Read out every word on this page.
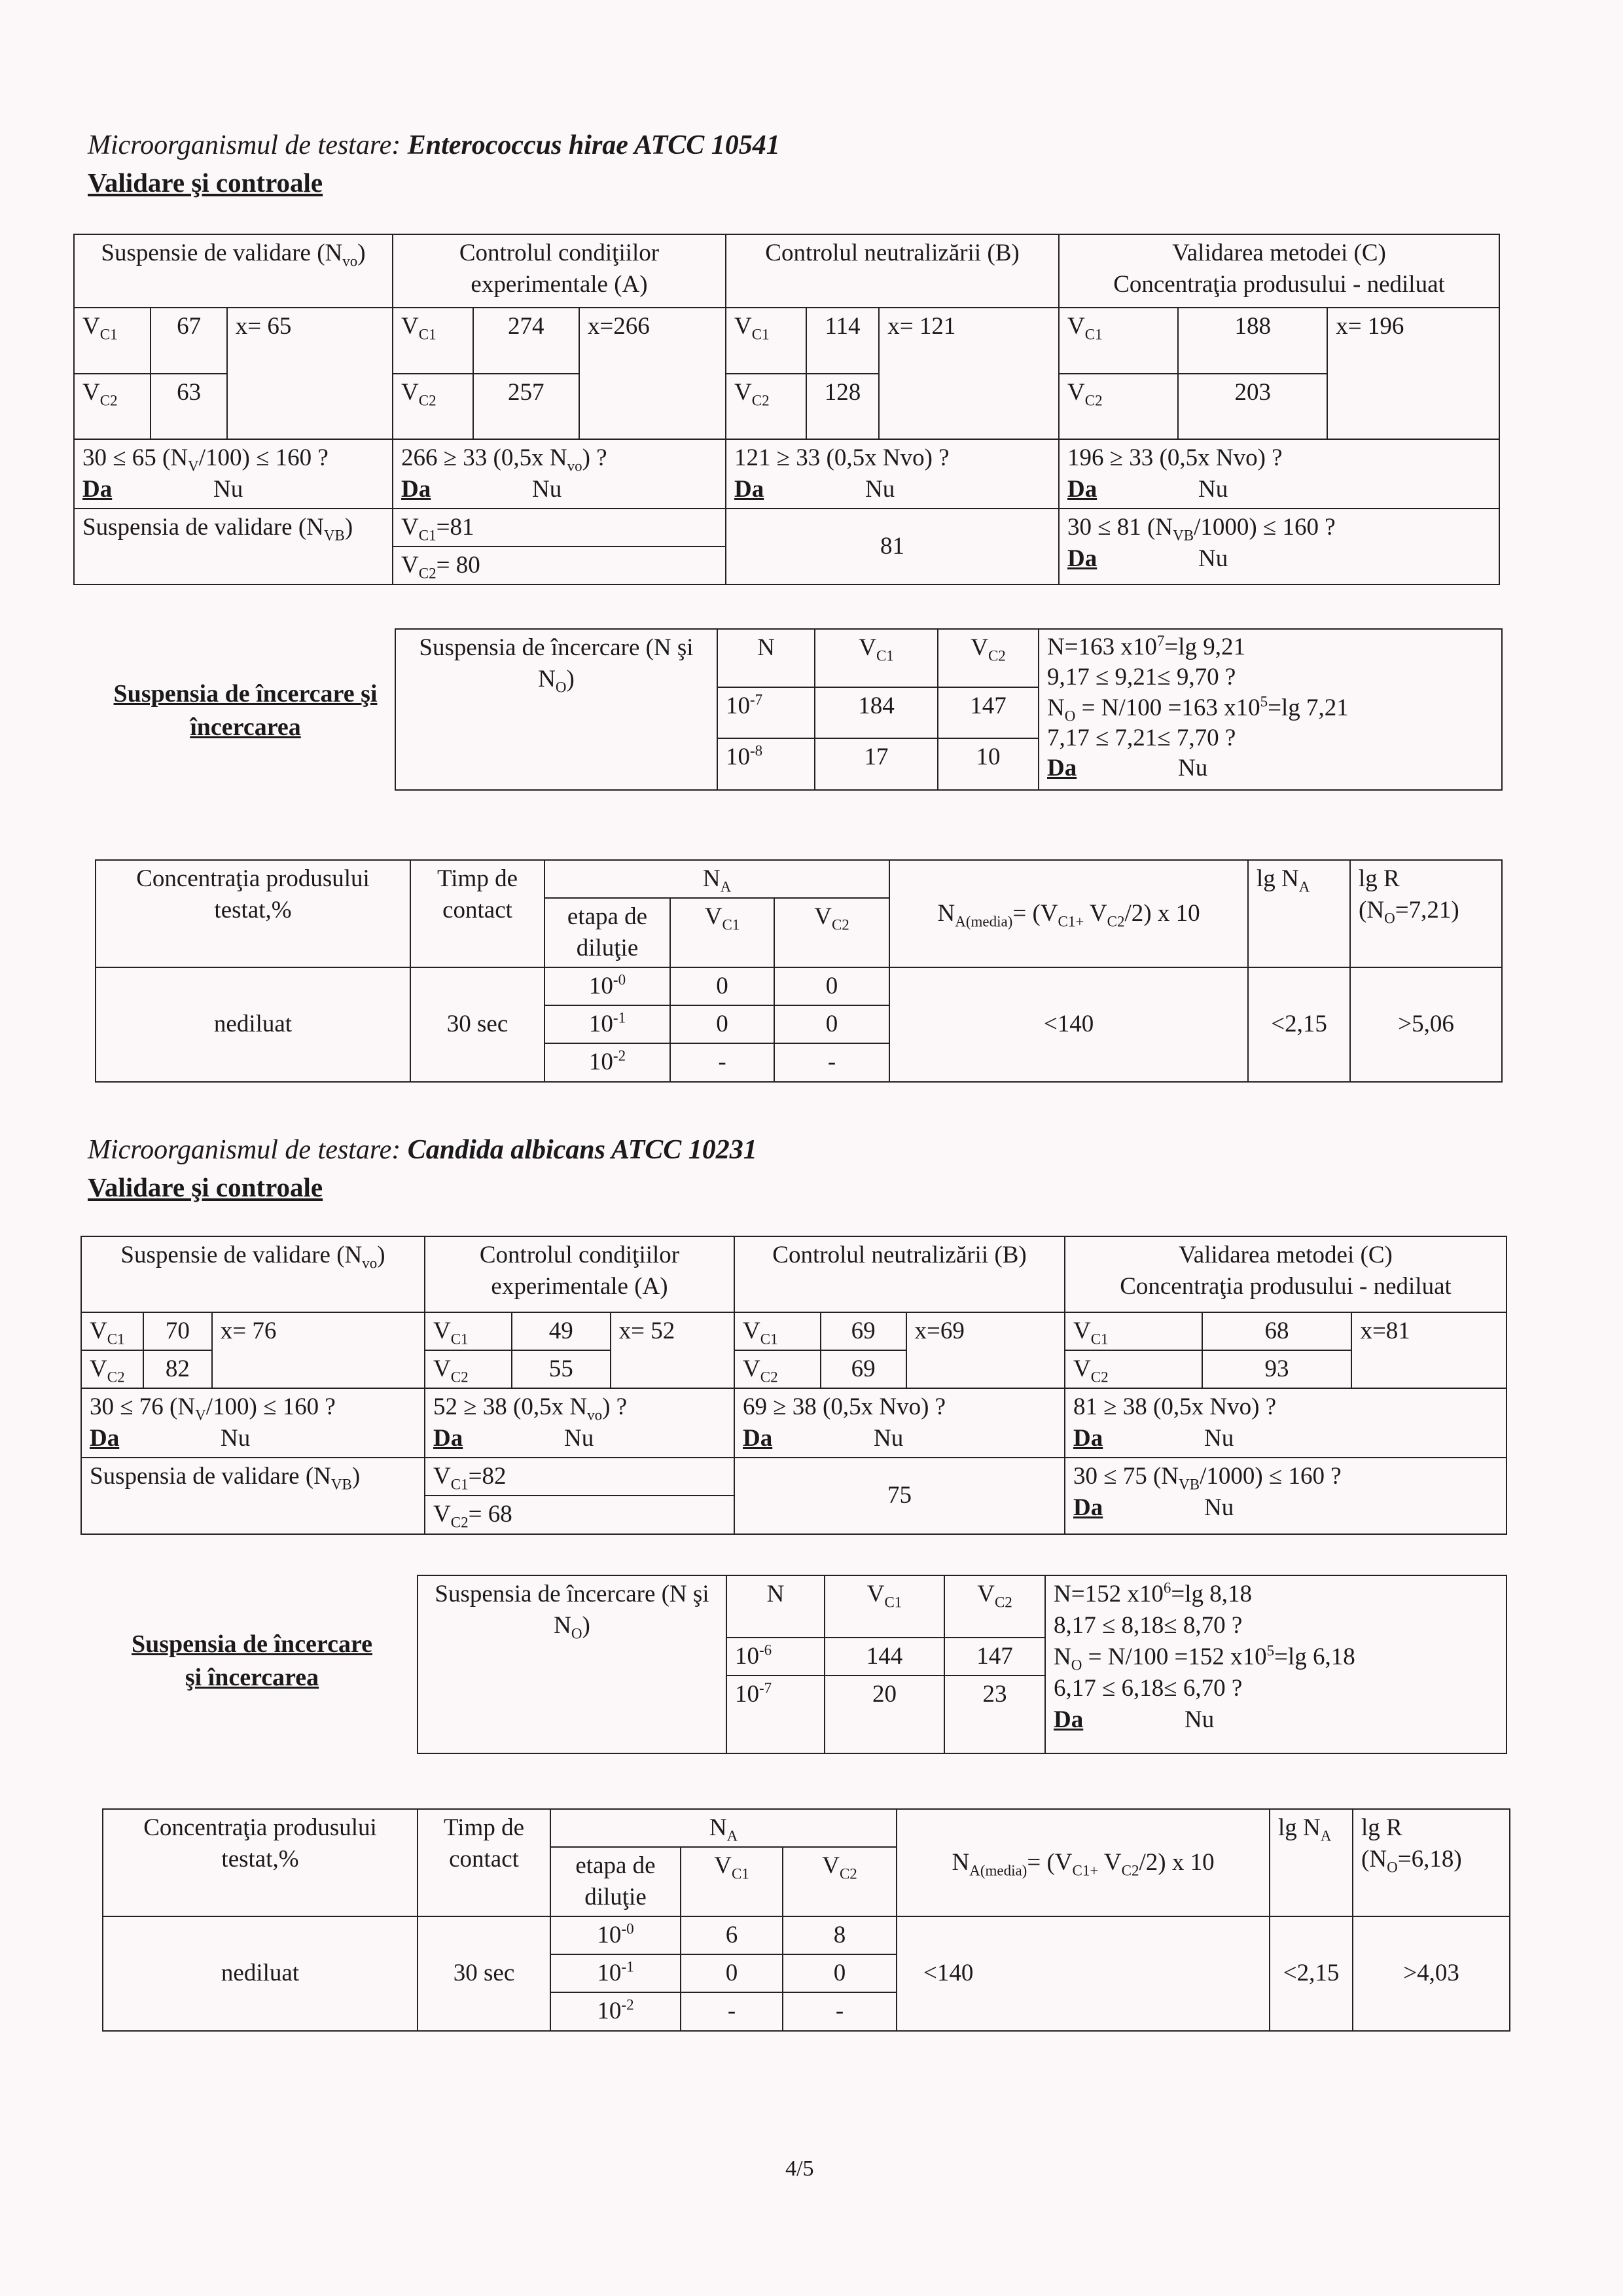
Microorganismul de testare: Enterococcus hirae ATCC 10541
Validare şi controale
Suspensie de validare $(N_{vo})$	Controlul condiţiilor experimentale (A)	Controlul neutralizării (B)	Validarea metodei (C)
Concentraţia produsului - nediluat

$V_{C1}$	67	x= 65
$V_{C2}$	63

$V_{C1}$	274	x=266
$V_{C2}$	257

$V_{C1}$	114	x= 121
$V_{C2}$	128

$V_{C1}$	188	x= 196
$V_{C2}$	203

30 ≤ 65 $(N_V/100) \le 160$ ?
Da	Nu	
266 ≥ 33 (0,5x $N_{vo}$) ?
Da	Nu	
121 ≥ 33 (0,5x Nvo) ?
Da	Nu	
196 ≥ 33 (0,5x Nvo) ?
Da	Nu
Suspensia de validare $(N_{VB})$	$V_{C1}=81$
$V_{C2}= 80$
	81	
30 ≤ 81 $(N_{VB}/1000) \le 160$ ?
Da	Nu
Suspensia de încercare şi
încercarea
Suspensia de încercare (N şi $N_O$)	N	$V_{C1}$	$V_{C2}$	N=163 $x10^7=\lg$ 9,21
9,17 ≤ 9,21≤ 9,70 ?
$N_O = N/100 =163$ $x10^5=\lg$ 7,21
7,17 ≤ 7,21≤ 7,70 ?
Da Nu
	$10^{-7}$	184	147	
	$10^{-8}$	17	10	
Concentraţia produsului testat,%	Timp de contact	$N_A$			$N_{A(media)}= (V_{C1+}$ $V_{C2}/2$) x 10	$\lg N_A$	lg R $(N_O=7,21)$
		etapa de diluţie	$V_{C1}$	$V_{C2}$
nediluat	30 sec	$10^{-0}$	0	0	<140	<2,15	>5,06
		$10^{-1}$	0	0			
		$10^{-2}$	-	-			
Microorganismul de testare: Candida albicans ATCC 10231
Validare şi controale
Suspensie de validare $(N_{vo})$	Controlul condiţiilor experimentale (A)	Controlul neutralizării (B)	Validarea metodei (C)
Concentraţia produsului - nediluat

$V_{C1}$	70	x= 76
$V_{C2}$	82

$V_{C1}$	49	x= 52
$V_{C2}$	55

$V_{C1}$	69	x=69
$V_{C2}$	69

$V_{C1}$	68	x=81
$V_{C2}$	93

30 ≤ 76 $(N_V/100) \le 160$ ?
Da	Nu	
52 ≥ 38 (0,5x $N_{vo}$) ?
Da	Nu	
69 ≥ 38 (0,5x Nvo) ?
Da	Nu	
81 ≥ 38 (0,5x Nvo) ?
Da	Nu
Suspensia de validare $(N_{VB})$		$V_{C1}=82$
$V_{C2}= 68$
	75	
30 ≤ 75 $(N_{VB}/1000) \le 160$ ?
Da	Nu
Suspensia de încercare
şi încercarea
Suspensia de încercare (N şi $N_O$)	N	$V_{C1}$	$V_{C2}$	N=152 $x10^6=\lg$ 8,18
8,17 ≤ 8,18≤ 8,70 ?
$N_O = N/100 =152$ $x10^5=\lg$ 6,18
6,17 ≤ 6,18≤ 6,70 ?
Da Nu
	$10^{-6}$	144	147	
	$10^{-7}$	20	23	
Concentraţia produsului testat,%	Timp de contact	$N_A$			$N_{A(media)}= (V_{C1+}$ $V_{C2}/2$) x 10	$\lg N_A$	lg R $(N_O=6,18)$
		etapa de diluţie	$V_{C1}$	$V_{C2}$
nediluat	30 sec	$10^{-0}$	6	8	<140	<2,15	>4,03
		$10^{-1}$	0	0			
		$10^{-2}$	-	-			
4/5
